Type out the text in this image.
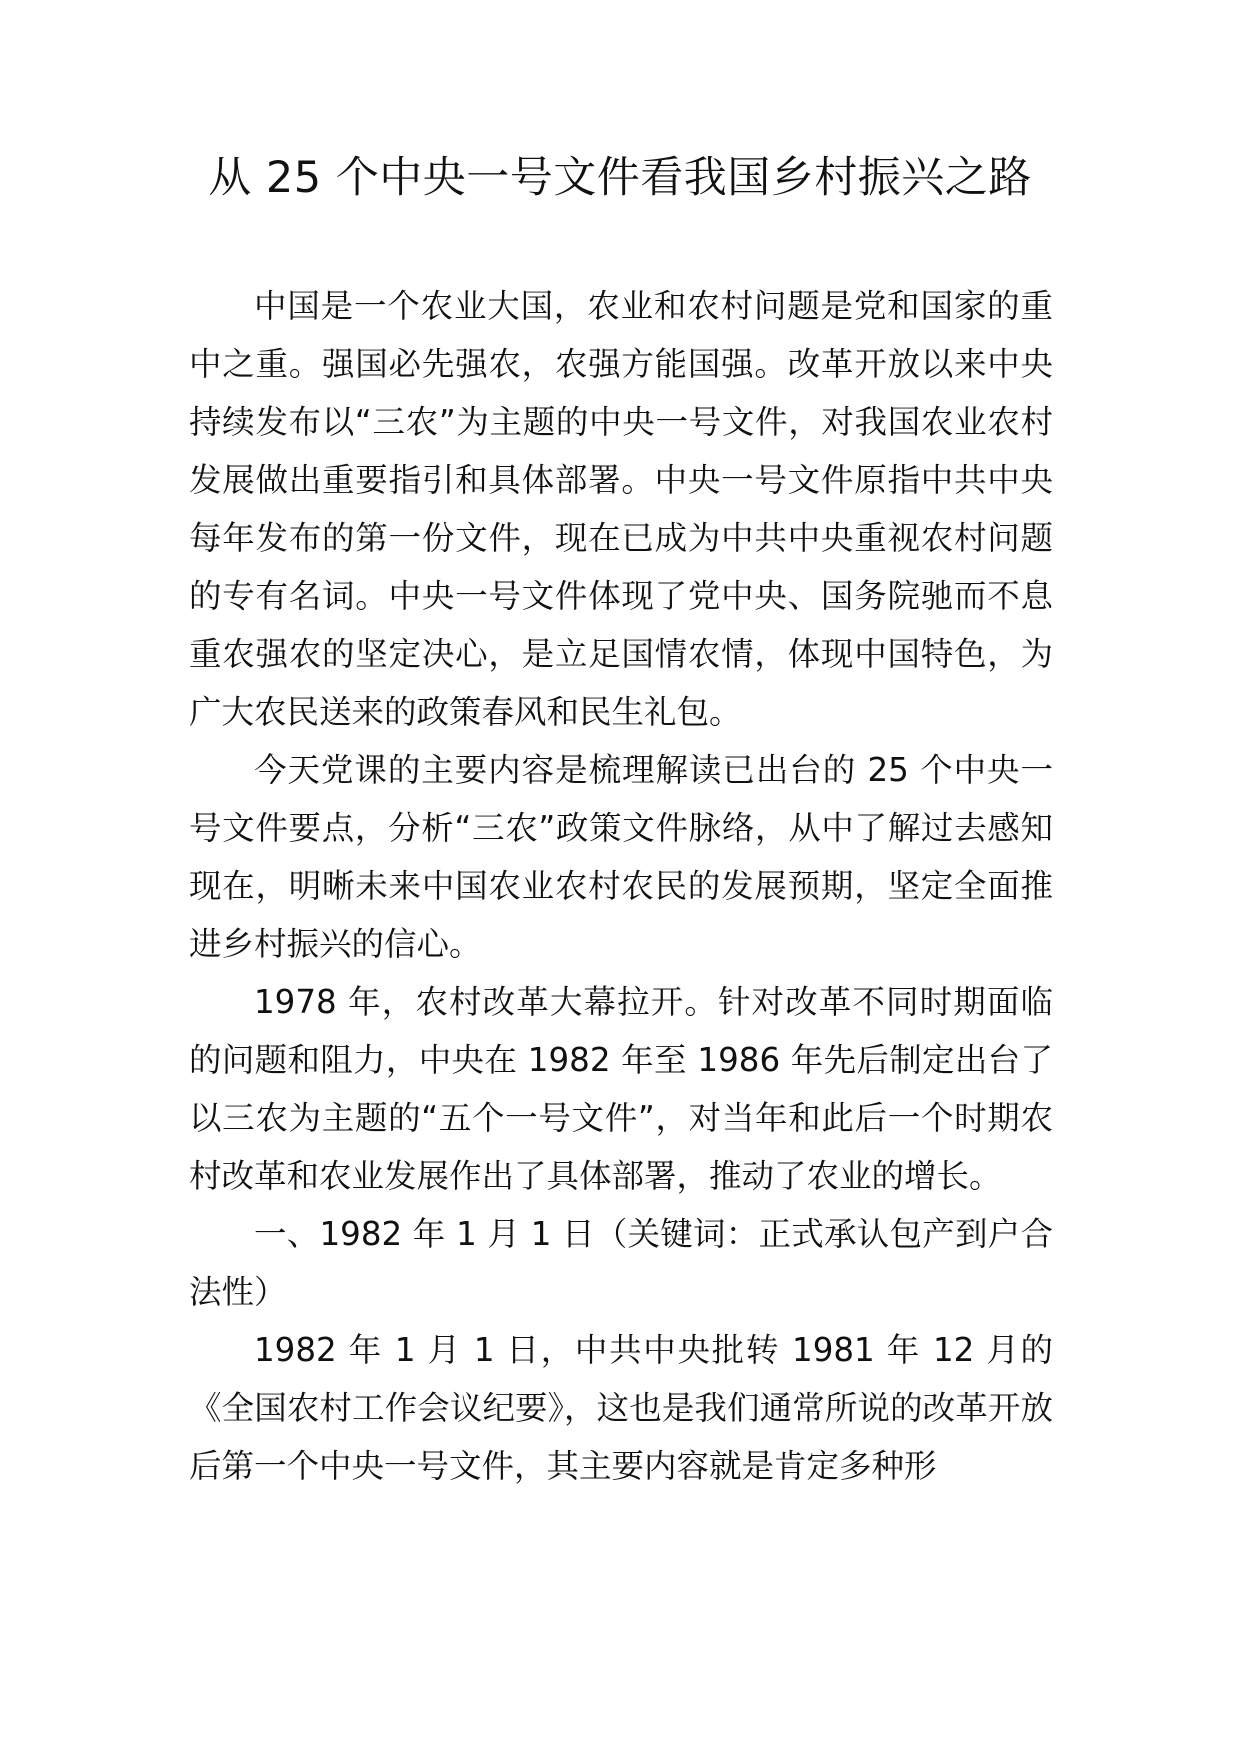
从 25 个中央一号文件看我国乡村振兴之路

中国是一个农业大国，农业和农村问题是党和国家的重中之重。强国必先强农，农强方能国强。改革开放以来中央持续发布以“三农”为主题的中央一号文件，对我国农业农村发展做出重要指引和具体部署。中央一号文件原指中共中央每年发布的第一份文件，现在已成为中共中央重视农村问题的专有名词。中央一号文件体现了党中央、国务院驰而不息重农强农的坚定决心，是立足国情农情，体现中国特色，为广大农民送来的政策春风和民生礼包。

今天党课的主要内容是梳理解读已出台的 25 个中央一号文件要点，分析“三农”政策文件脉络，从中了解过去感知现在，明晰未来中国农业农村农民的发展预期，坚定全面推进乡村振兴的信心。

1978 年，农村改革大幕拉开。针对改革不同时期面临的问题和阻力，中央在 1982 年至 1986 年先后制定出台了以三农为主题的“五个一号文件”，对当年和此后一个时期农村改革和农业发展作出了具体部署，推动了农业的增长。

一、1982 年 1 月 1 日（关键词：正式承认包产到户合法性）

1982 年 1 月 1 日，中共中央批转 1981 年 12 月的《全国农村工作会议纪要》，这也是我们通常所说的改革开放后第一个中央一号文件，其主要内容就是肯定多种形
